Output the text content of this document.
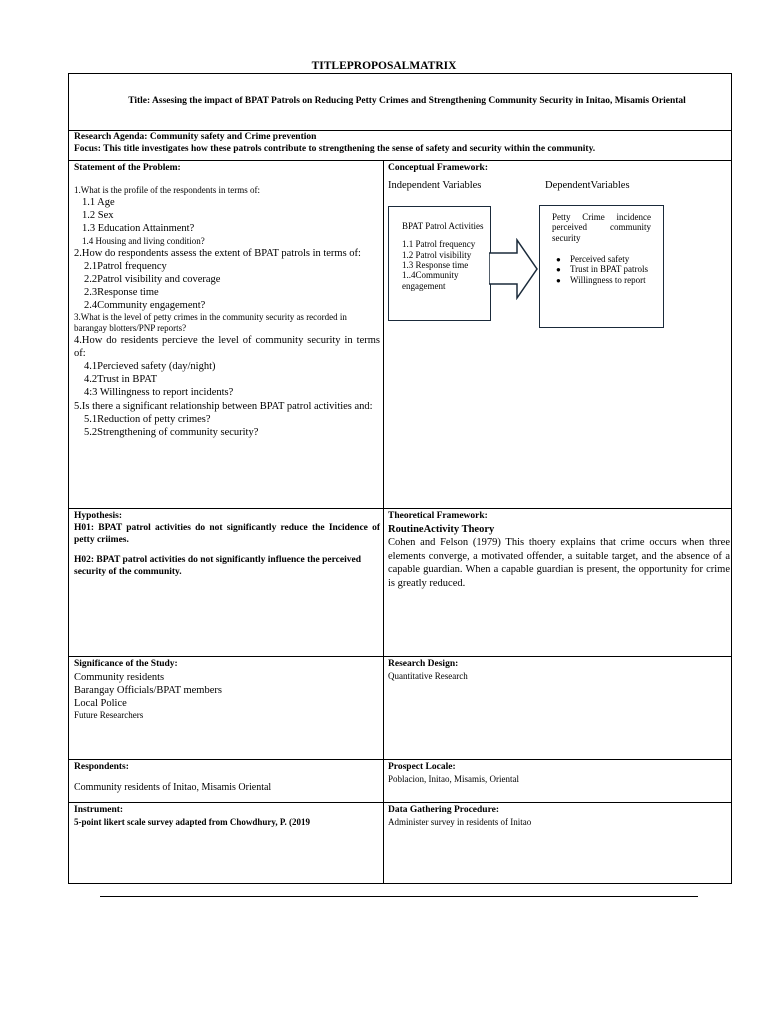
TITLEPROPOSALMATRIX
Title: Assesing the impact of BPAT Patrols on Reducing Petty Crimes and Strengthening Community Security in Initao, Misamis Oriental
Research Agenda: Community safety and Crime prevention
Focus: This title investigates how these patrols contribute to strengthening the sense of safety and security within the community.
Statement of the Problem:
1.What is the profile of the respondents in terms of:
1.1 Age
1.2 Sex
1.3 Education Attainment?
1.4 Housing and living condition?
2.How do respondents assess the extent of BPAT patrols in terms of:
2.1Patrol frequency
2.2Patrol visibility and coverage
2.3Response time
2.4Community engagement?
3.What is the level of petty crimes in the community security as recorded in barangay blotters/PNP reports?
4.How do residents percieve the level of community security in terms of:
4.1Percieved safety (day/night)
4.2Trust in BPAT
4:3 Willingness to report incidents?
5.Is there a significant relationship between BPAT patrol activities and:
5.1Reduction of petty crimes?
5.2Strengthening of community security?
Conceptual Framework:
Independent Variables	DependentVariables
BPAT Patrol Activities
1.1 Patrol frequency
1.2 Patrol visibility
1.3 Response time
1..4Community engagement
Petty Crime incidence perceived community security
● Perceived safety
● Trust in BPAT patrols
● Willingness to report
Hypothesis:
H01: BPAT patrol activities do not significantly reduce the Incidence of petty criimes.
H02: BPAT patrol activities do not significantly influence the perceived security of the community.
Theoretical Framework:
RoutineActivity Theory
Cohen and Felson (1979) This thoery explains that crime occurs when three elements converge, a motivated offender, a suitable target, and the absence of a capable guardian. When a capable guardian is present, the opportunity for crime is greatly reduced.
Significance of the Study:
Community residents
Barangay Officials/BPAT members
Local Police
Future Researchers
Research Design:
Quantitative Research
Respondents:
Community residents of Initao, Misamis Oriental
Prospect Locale:
Poblacion, Initao, Misamis, Oriental
Instrument:
5-point likert scale survey adapted from Chowdhury, P. (2019
Data Gathering Procedure:
Administer survey in residents of Initao
